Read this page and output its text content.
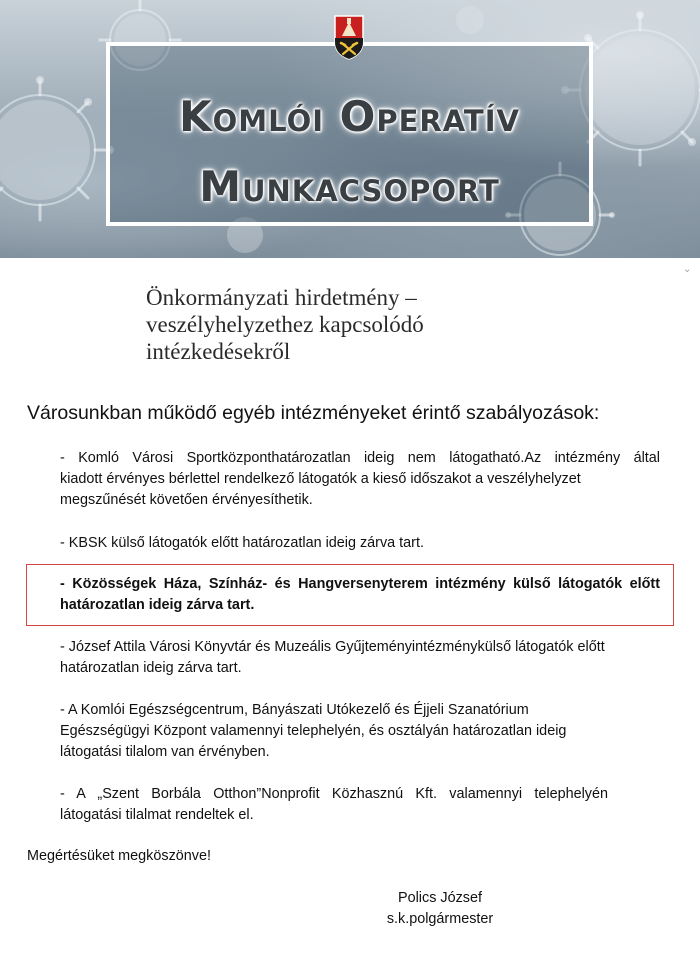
Komlói Operatív
Munkacsoport
⌄
Önkormányzati hirdetmény –
veszélyhelyzethez kapcsolódó
intézkedésekről
Városunkban működő egyéb intézményeket érintő szabályozások:
- Komló Városi Sportközponthatározatlan ideig nem látogatható.Az intézmény által
kiadott érvényes bérlettel rendelkező látogatók a kieső időszakot a veszélyhelyzet
megszűnését követően érvényesíthetik.
- KBSK külső látogatók előtt határozatlan ideig zárva tart.
- Közösségek Háza, Színház- és Hangversenyterem intézmény külső látogatók előtt
határozatlan ideig zárva tart.
- József Attila Városi Könyvtár és Muzeális Gyűjteményintézménykülső látogatók előtt
határozatlan ideig zárva tart.
- A Komlói Egészségcentrum, Bányászati Utókezelő és Éjjeli Szanatórium
Egészségügyi Központ valamennyi telephelyén, és osztályán határozatlan ideig
látogatási tilalom van érvényben.
- A „Szent Borbála Otthon”Nonprofit Közhasznú Kft. valamennyi telephelyén
látogatási tilalmat rendeltek el.
Megértésüket megköszönve!
Polics József
s.k.polgármester
